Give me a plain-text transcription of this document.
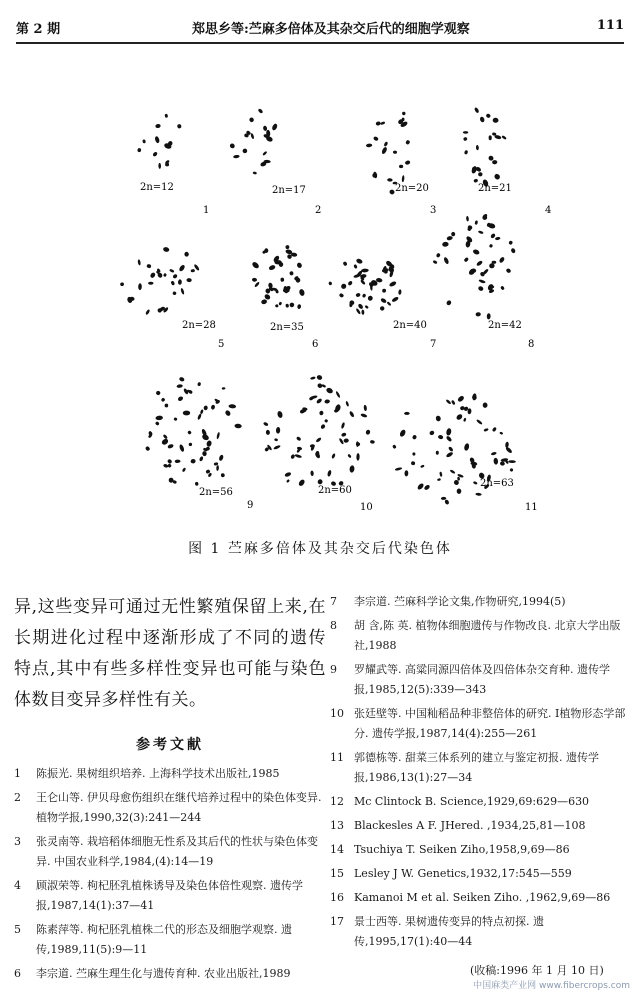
第 2 期	郑思乡等:苎麻多倍体及其杂交后代的细胞学观察	111
2n=12
1
2n=17
2
2n=20
3
2n=21
4
2n=28
5
2n=35
6
2n=40
7
2n=42
8
2n=56
9
2n=60
10
2n=63
11
图 1 苎麻多倍体及其杂交后代染色体

异,这些变异可通过无性繁殖保留上来,在长期进化过程中逐渐形成了不同的遗传特点,其中有些多样性变异也可能与染色体数目变异多样性有关。

参考文献
1	陈振光. 果树组织培养. 上海科学技术出版社,1985
2	王仑山等. 伊贝母愈伤组织在继代培养过程中的染色体变异. 植物学报,1990,32(3):241—244
3	张灵南等. 栽培稻体细胞无性系及其后代的性状与染色体变异. 中国农业科学,1984,(4):14—19
4	顾淑荣等. 枸杞胚乳植株诱导及染色体倍性观察. 遗传学报,1987,14(1):37—41
5	陈素萍等. 枸杞胚乳植株二代的形态及细胞学观察. 遗传,1989,11(5):9—11
6	李宗道. 苎麻生理生化与遗传育种. 农业出版社,1989
7	李宗道. 苎麻科学论文集,作物研究,1994(5)
8	胡 含,陈 英. 植物体细胞遗传与作物改良. 北京大学出版社,1988
9	罗耀武等. 高粱同源四倍体及四倍体杂交育种. 遗传学报,1985,12(5):339—343
10 张廷壁等. 中国籼稻品种非整倍体的研究. Ⅰ植物形态学部分. 遗传学报,1987,14(4):255—261
11 郭德栋等. 甜菜三体系列的建立与鉴定初报. 遗传学报,1986,13(1):27—34
12 Mc Clintock B. Science,1929,69:629—630
13 Blackesles A F. JHered. ,1934,25,81—108
14 Tsuchiya T. Seiken Ziho,1958,9,69—86
15 Lesley J W. Genetics,1932,17:545—559
16 Kamanoi M et al. Seiken Ziho. ,1962,9,69—86
17 景士西等. 果树遗传变异的特点初探. 遗传,1995,17(1):40—44
(收稿:1996 年 1 月 10 日)
中国麻类产业网 www.fibercrops.com
